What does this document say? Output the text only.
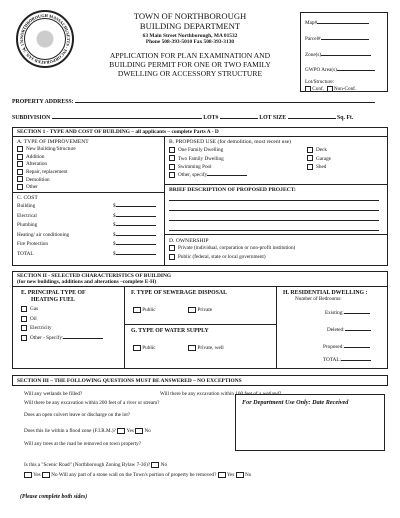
NORTHBOROUGH MASSACHUSETTS · INCORPORATED JAN. 24, 176
TOWN OF NORTHBOROUGH
BUILDING DEPARTMENT
63 Main Street Northborough, MA 01532
Phone 508-393-5010 Fax 508-393-3130
APPLICATION FOR PLAN EXAMINATION AND
BUILDING PERMIT FOR ONE OR TWO FAMILY
DWELLING OR ACCESSORY STRUCTURE
Map#
Parcel#
Zone(s)
GWPO Area(s)
Lot/Structure:
Conf. Non-Conf.
PROPERTY ADDRESS:
SUBDIVISION	LOT#	LOT SIZE	Sq. Ft.
SECTION 1 - TYPE AND COST OF BUILDING – all applicants – complete Parts A - D
A. TYPE OF IMPROVEMENT
New Building/Structure
Addition
Alteration
Repair, replacement
Demolition
Other
B. PROPOSED USE (for demolition, most recent use)
One Family Dwelling
Two Family Dwelling
Swimming Pool
Other, specify
Deck
Garage
Shed
BRIEF DESCRIPTION OF PROPOSED PROJECT:
C. COST
Building	$
Electrical	$
Plumbing	$
Heating/ air conditioning	$
Fire Protection	$
TOTAL	$
D. OWNERSHIP
Private (individual, corporation or non-profit institution)
Public (federal, state or local government)
SECTION II - SELECTED CHARACTERISTICS OF BUILDING
(for new buildings, additions and alterations –complete E-H)
E. PRINCIPAL TYPE OF
HEATING FUEL
Gas
Oil
Electricity
Other - Specify:
F. TYPE OF SEWERAGE DISPOSAL
Public	Private
G. TYPE OF WATER SUPPLY
Public	Private, well
H. RESIDENTIAL DWELLING :
Number of Bedrooms:
Existing:
Deleted:
Proposed:
TOTAL:
SECTION III – THE FOLLOWING QUESTIONS MUST BE ANSWERED – NO EXCEPTIONS
Will any wetlands be filled?	Will there be any excavation within 100 feet of a wetland?
Will there be any excavation within 200 feet of a river or stream?
Does an open culvert leave or discharge on the lot?
Does this lie within a flood zone (F.I.R.M.)? Yes No
Will any trees at the road be removed on town property?
For Department Use Only: Date Received
Is this a "Scenic Road" (Northborough Zoning Bylaw 7-36)? No
Yes No Will any part of a stone wall on the Town's portion of property be removed? Yes No
(Please complete both sides)
